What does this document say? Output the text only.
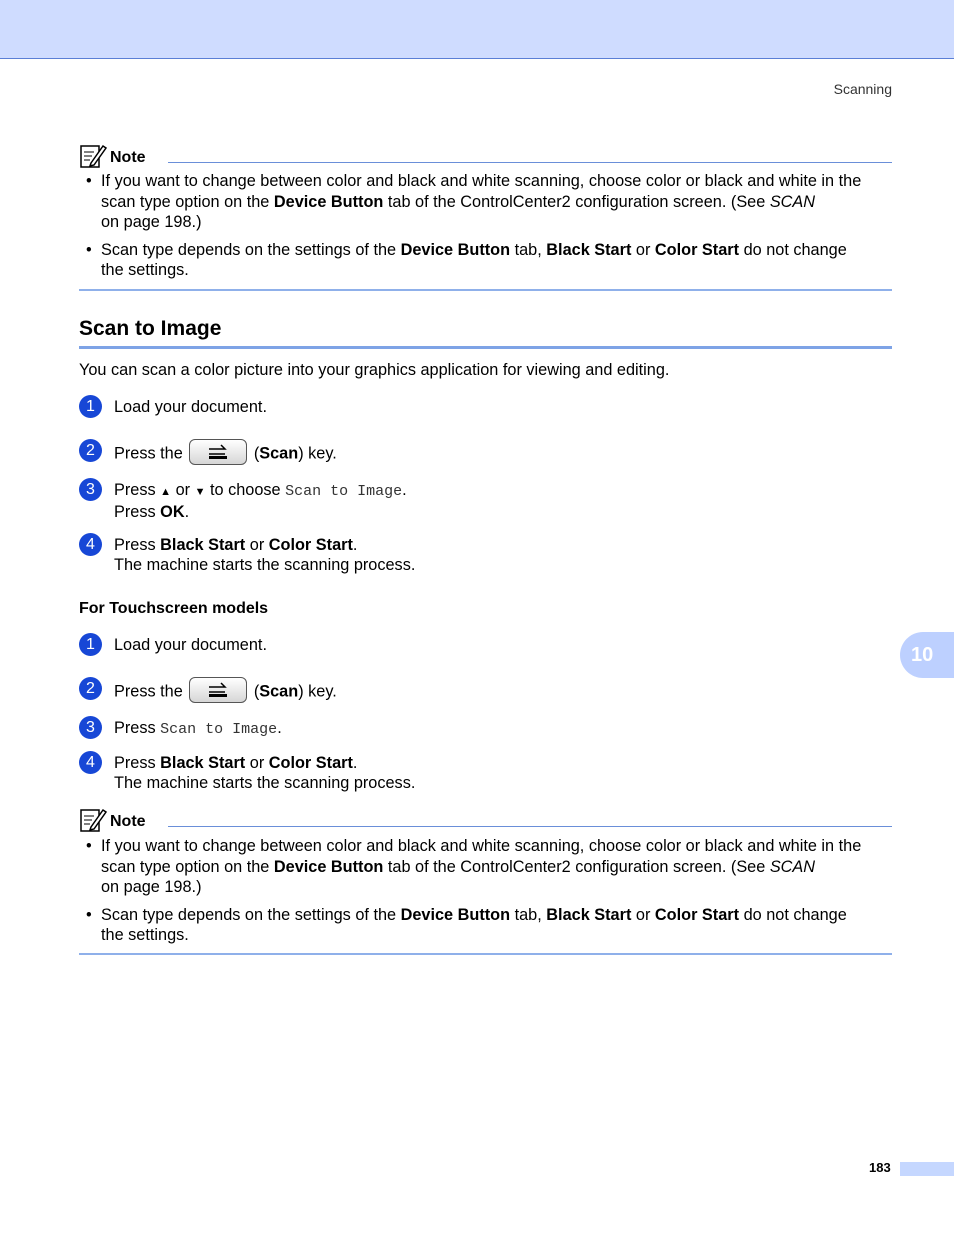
Scanning
10
Note
• If you want to change between color and black and white scanning, choose color or black and white in the
scan type option on the Device Button tab of the ControlCenter2 configuration screen. (See SCAN
on page 198.)
• Scan type depends on the settings of the Device Button tab, Black Start or Color Start do not change
the settings.
Scan to Image
You can scan a color picture into your graphics application for viewing and editing.
1	Load your document.
2	Press the	(Scan) key.
3	Press ▲ or ▼ to choose Scan to Image.
Press OK.
4	Press Black Start or Color Start.
The machine starts the scanning process.
For Touchscreen models
1	Load your document.
2	Press the	(Scan) key.
3	Press Scan to Image.
4	Press Black Start or Color Start.
The machine starts the scanning process.
Note
• If you want to change between color and black and white scanning, choose color or black and white in the
scan type option on the Device Button tab of the ControlCenter2 configuration screen. (See SCAN
on page 198.)
• Scan type depends on the settings of the Device Button tab, Black Start or Color Start do not change
the settings.
183
